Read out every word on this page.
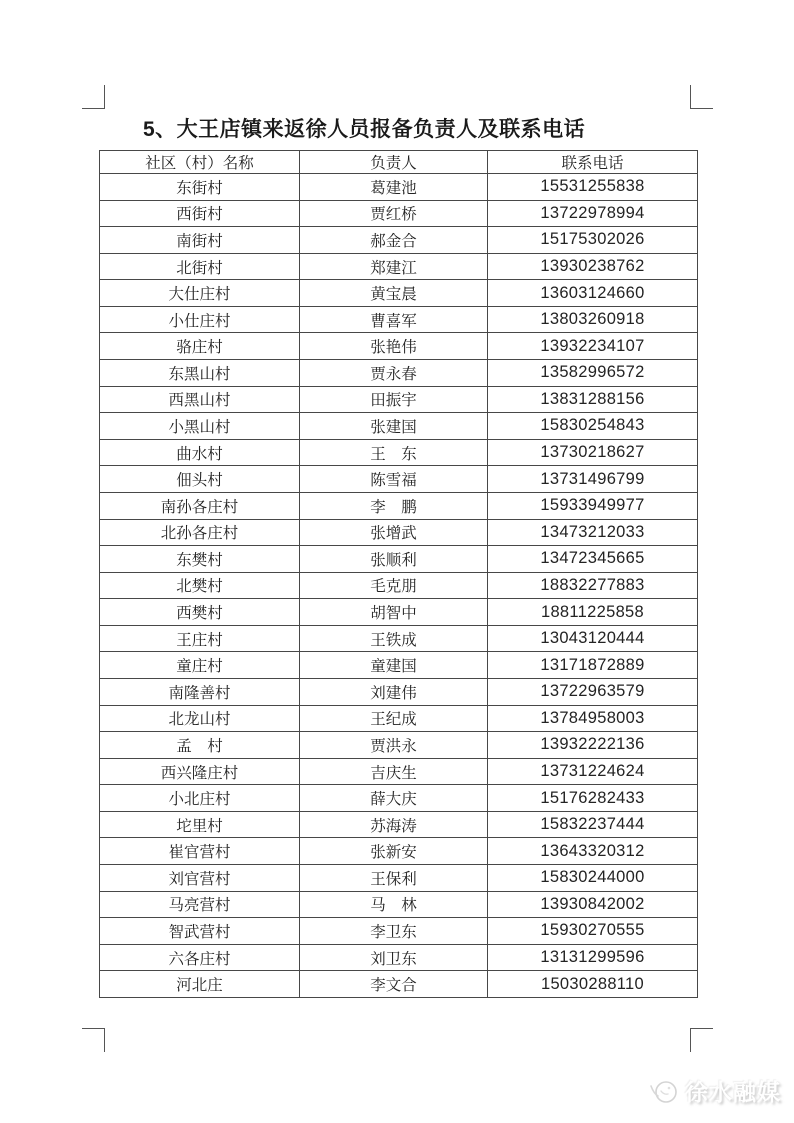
5、大王店镇来返徐人员报备负责人及联系电话
社区（村）名称	负责人	联系电话
东街村	葛建池	15531255838
西街村	贾红桥	13722978994
南街村	郝金合	15175302026
北街村	郑建江	13930238762
大仕庄村	黄宝晨	13603124660
小仕庄村	曹喜军	13803260918
骆庄村	张艳伟	13932234107
东黑山村	贾永春	13582996572
西黑山村	田振宇	13831288156
小黑山村	张建国	15830254843
曲水村	王　东	13730218627
佃头村	陈雪福	13731496799
南孙各庄村	李　鹏	15933949977
北孙各庄村	张增武	13473212033
东樊村	张顺利	13472345665
北樊村	毛克朋	18832277883
西樊村	胡智中	18811225858
王庄村	王铁成	13043120444
童庄村	童建国	13171872889
南隆善村	刘建伟	13722963579
北龙山村	王纪成	13784958003
孟　村	贾洪永	13932222136
西兴隆庄村	吉庆生	13731224624
小北庄村	薛大庆	15176282433
坨里村	苏海涛	15832237444
崔官营村	张新安	13643320312
刘官营村	王保利	15830244000
马亮营村	马　林	13930842002
智武营村	李卫东	15930270555
六各庄村	刘卫东	13131299596
河北庄	李文合	15030288110
徐水融媒
